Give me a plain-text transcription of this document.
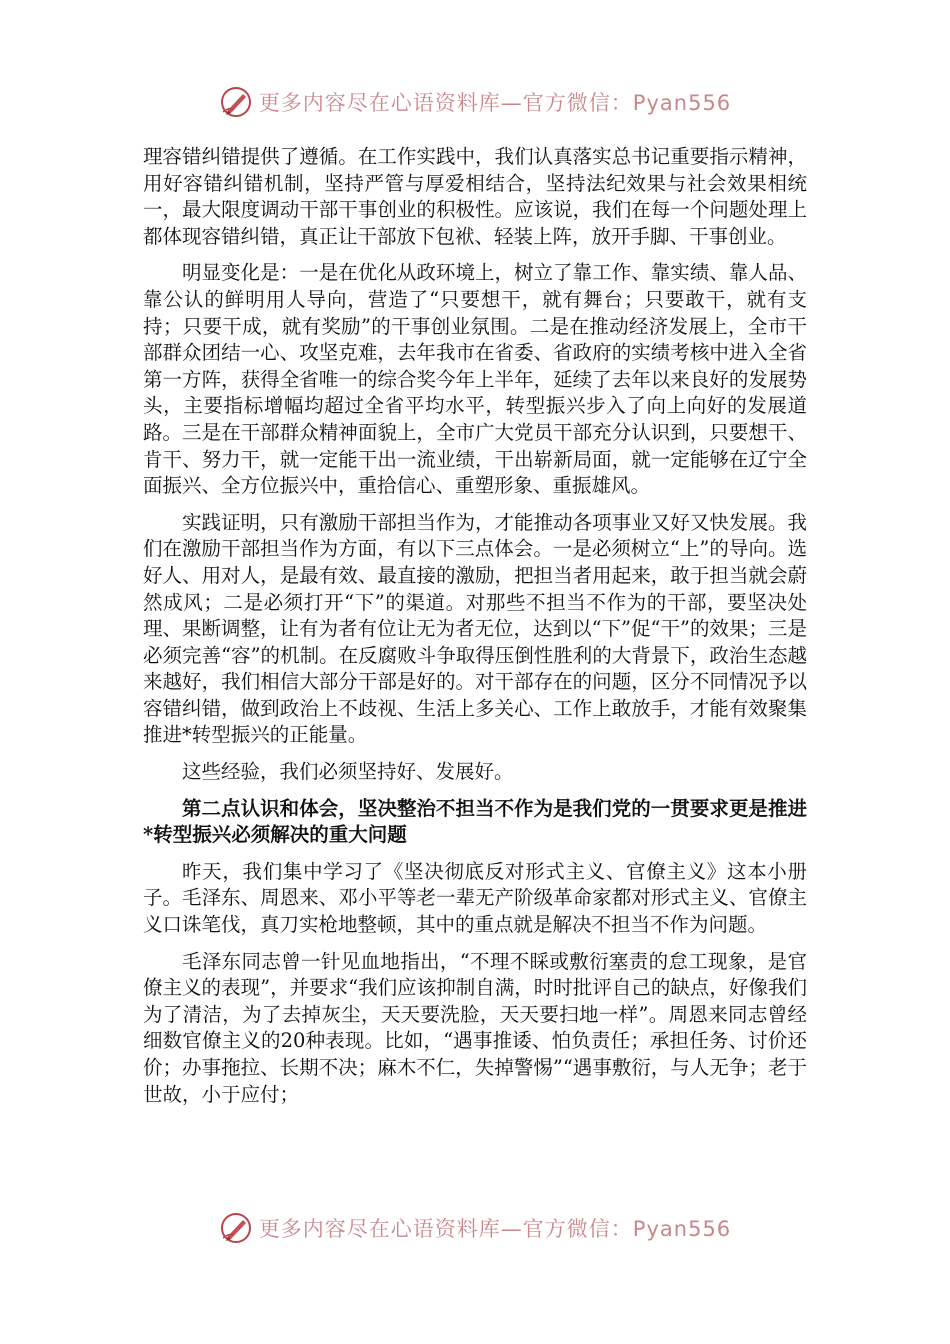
更多内容尽在心语资料库—官方微信：Pyan556

理容错纠错提供了遵循。在工作实践中，我们认真落实总书记重要指示精神，用好容错纠错机制，坚持严管与厚爱相结合，坚持法纪效果与社会效果相统一，最大限度调动干部干事创业的积极性。应该说，我们在每一个问题处理上都体现容错纠错，真正让干部放下包袱、轻装上阵，放开手脚、干事创业。

明显变化是：一是在优化从政环境上，树立了靠工作、靠实绩、靠人品、靠公认的鲜明用人导向，营造了“只要想干，就有舞台；只要敢干，就有支持；只要干成，就有奖励”的干事创业氛围。二是在推动经济发展上，全市干部群众团结一心、攻坚克难，去年我市在省委、省政府的实绩考核中进入全省第一方阵，获得全省唯一的综合奖今年上半年，延续了去年以来良好的发展势头，主要指标增幅均超过全省平均水平，转型振兴步入了向上向好的发展道路。三是在干部群众精神面貌上，全市广大党员干部充分认识到，只要想干、肯干、努力干，就一定能干出一流业绩，干出崭新局面，就一定能够在辽宁全面振兴、全方位振兴中，重拾信心、重塑形象、重振雄风。

实践证明，只有激励干部担当作为，才能推动各项事业又好又快发展。我们在激励干部担当作为方面，有以下三点体会。一是必须树立“上”的导向。选好人、用对人，是最有效、最直接的激励，把担当者用起来，敢于担当就会蔚然成风；二是必须打开“下”的渠道。对那些不担当不作为的干部，要坚决处理、果断调整，让有为者有位让无为者无位，达到以“下”促“干”的效果；三是必须完善“容”的机制。在反腐败斗争取得压倒性胜利的大背景下，政治生态越来越好，我们相信大部分干部是好的。对干部存在的问题，区分不同情况予以容错纠错，做到政治上不歧视、生活上多关心、工作上敢放手，才能有效聚集推进*转型振兴的正能量。

这些经验，我们必须坚持好、发展好。

第二点认识和体会，坚决整治不担当不作为是我们党的一贯要求更是推进*转型振兴必须解决的重大问题

昨天，我们集中学习了《坚决彻底反对形式主义、官僚主义》这本小册子。毛泽东、周恩来、邓小平等老一辈无产阶级革命家都对形式主义、官僚主义口诛笔伐，真刀实枪地整顿，其中的重点就是解决不担当不作为问题。

毛泽东同志曾一针见血地指出，“不理不睬或敷衍塞责的怠工现象，是官僚主义的表现”，并要求“我们应该抑制自满，时时批评自己的缺点，好像我们为了清洁，为了去掉灰尘，天天要洗脸，天天要扫地一样”。周恩来同志曾经细数官僚主义的20种表现。比如，“遇事推诿、怕负责任；承担任务、讨价还价；办事拖拉、长期不决；麻木不仁，失掉警惕”“遇事敷衍，与人无争；老于世故，小于应付；

更多内容尽在心语资料库—官方微信：Pyan556
